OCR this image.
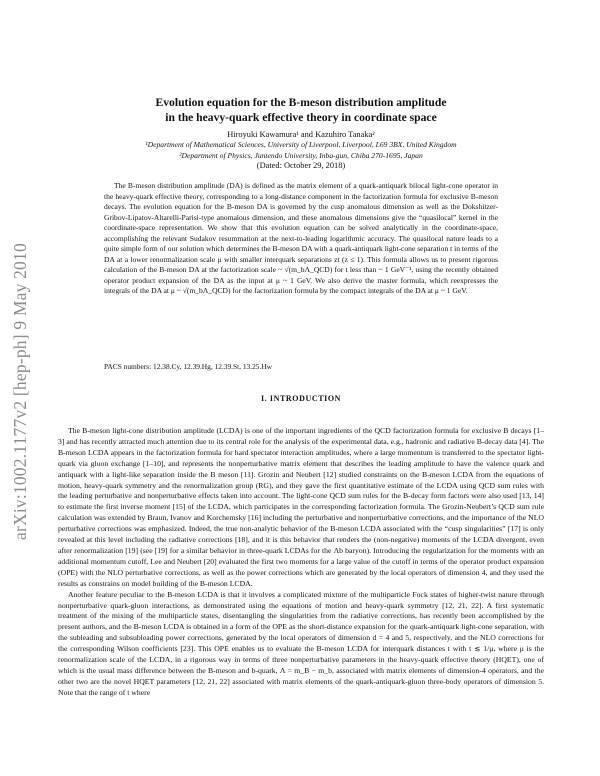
arXiv:1002.1177v2 [hep-ph] 9 May 2010
Evolution equation for the B-meson distribution amplitude
in the heavy-quark effective theory in coordinate space
Hiroyuki Kawamura¹ and Kazuhiro Tanaka²
¹Department of Mathematical Sciences, University of Liverpool, Liverpool, L69 3BX, United Kingdom
²Department of Physics, Juntendo University, Inba-gun, Chiba 270-1695, Japan
(Dated: October 29, 2018)
The B-meson distribution amplitude (DA) is defined as the matrix element of a quark-antiquark bilocal light-cone operator in the heavy-quark effective theory, corresponding to a long-distance component in the factorization formula for exclusive B-meson decays. The evolution equation for the B-meson DA is governed by the cusp anomalous dimension as well as the Dokshitzer-Gribov-Lipatov-Altarelli-Parisi-type anomalous dimension, and these anomalous dimensions give the “quasilocal” kernel in the coordinate-space representation. We show that this evolution equation can be solved analytically in the coordinate-space, accomplishing the relevant Sudakov resummation at the next-to-leading logarithmic accuracy. The quasilocal nature leads to a quite simple form of our solution which determines the B-meson DA with a quark-antiquark light-cone separation t in terms of the DA at a lower renormalization scale μ with smaller interquark separations zt (z ≤ 1). This formula allows us to present rigorous calculation of the B-meson DA at the factorization scale ~ √(m_bΛ_QCD) for t less than ~ 1 GeV⁻¹, using the recently obtained operator product expansion of the DA as the input at μ ~ 1 GeV. We also derive the master formula, which reexpresses the integrals of the DA at μ ~ √(m_bΛ_QCD) for the factorization formula by the compact integrals of the DA at μ ~ 1 GeV.
PACS numbers: 12.38.Cy, 12.39.Hg, 12.39.St, 13.25.Hw
I. INTRODUCTION

The B-meson light-cone distribution amplitude (LCDA) is one of the important ingredients of the QCD factorization formula for exclusive B decays [1–3] and has recently attracted much attention due to its central role for the analysis of the experimental data, e.g., hadronic and radiative B-decay data [4]. The B-meson LCDA appears in the factorization formula for hard spectator interaction amplitudes, where a large momentum is transferred to the spectator light-quark via gluon exchange [1–10], and represents the nonperturbative matrix element that describes the leading amplitude to have the valence quark and antiquark with a light-like separation inside the B meson [11]. Grozin and Neubert [12] studied constraints on the B-meson LCDA from the equations of motion, heavy-quark symmetry and the renormalization group (RG), and they gave the first quantitative estimate of the LCDA using QCD sum rules with the leading perturbative and nonperturbative effects taken into account. The light-cone QCD sum rules for the B-decay form factors were also used [13, 14] to estimate the first inverse moment [15] of the LCDA, which participates in the corresponding factorization formula. The Grozin-Neubert’s QCD sum rule calculation was extended by Braun, Ivanov and Korchemsky [16] including the perturbative and nonperturbative corrections, and the importance of the NLO perturbative corrections was emphasized. Indeed, the true non-analytic behavior of the B-meson LCDA associated with the “cusp singularities” [17] is only revealed at this level including the radiative corrections [18], and it is this behavior that renders the (non-negative) moments of the LCDA divergent, even after renormalization [19] (see [19] for a similar behavior in three-quark LCDAs for the Λb baryon). Introducing the regularization for the moments with an additional momentum cutoff, Lee and Neubert [20] evaluated the first two moments for a large value of the cutoff in terms of the operator product expansion (OPE) with the NLO perturbative corrections, as well as the power corrections which are generated by the local operators of dimension 4, and they used the results as constrains on model building of the B-meson LCDA.

Another feature peculiar to the B-meson LCDA is that it involves a complicated mixture of the multiparticle Fock states of higher-twist nature through nonperturbative quark-gluon interactions, as demonstrated using the equations of motion and heavy-quark symmetry [12, 21, 22]. A first systematic treatment of the mixing of the multiparticle states, disentangling the singularities from the radiative corrections, has recently been accomplished by the present authors, and the B-meson LCDA is obtained in a form of the OPE as the short-distance expansion for the quark-antiquark light-cone separation, with the subleading and subsubleading power corrections, generated by the local operators of dimension d = 4 and 5, respectively, and the NLO corrections for the corresponding Wilson coefficients [23]. This OPE enables us to evaluate the B-meson LCDA for interquark distances t with t ≲ 1/μ, where μ is the renormalization scale of the LCDA, in a rigorous way in terms of three nonperturbative parameters in the heavy-quark effective theory (HQET), one of which is the usual mass difference between the B-meson and b-quark, Λ = m_B − m_b, associated with matrix elements of dimension-4 operators, and the other two are the novel HQET parameters [12, 21, 22] associated with matrix elements of the quark-antiquark-gluon three-body operators of dimension 5. Note that the range of t where
